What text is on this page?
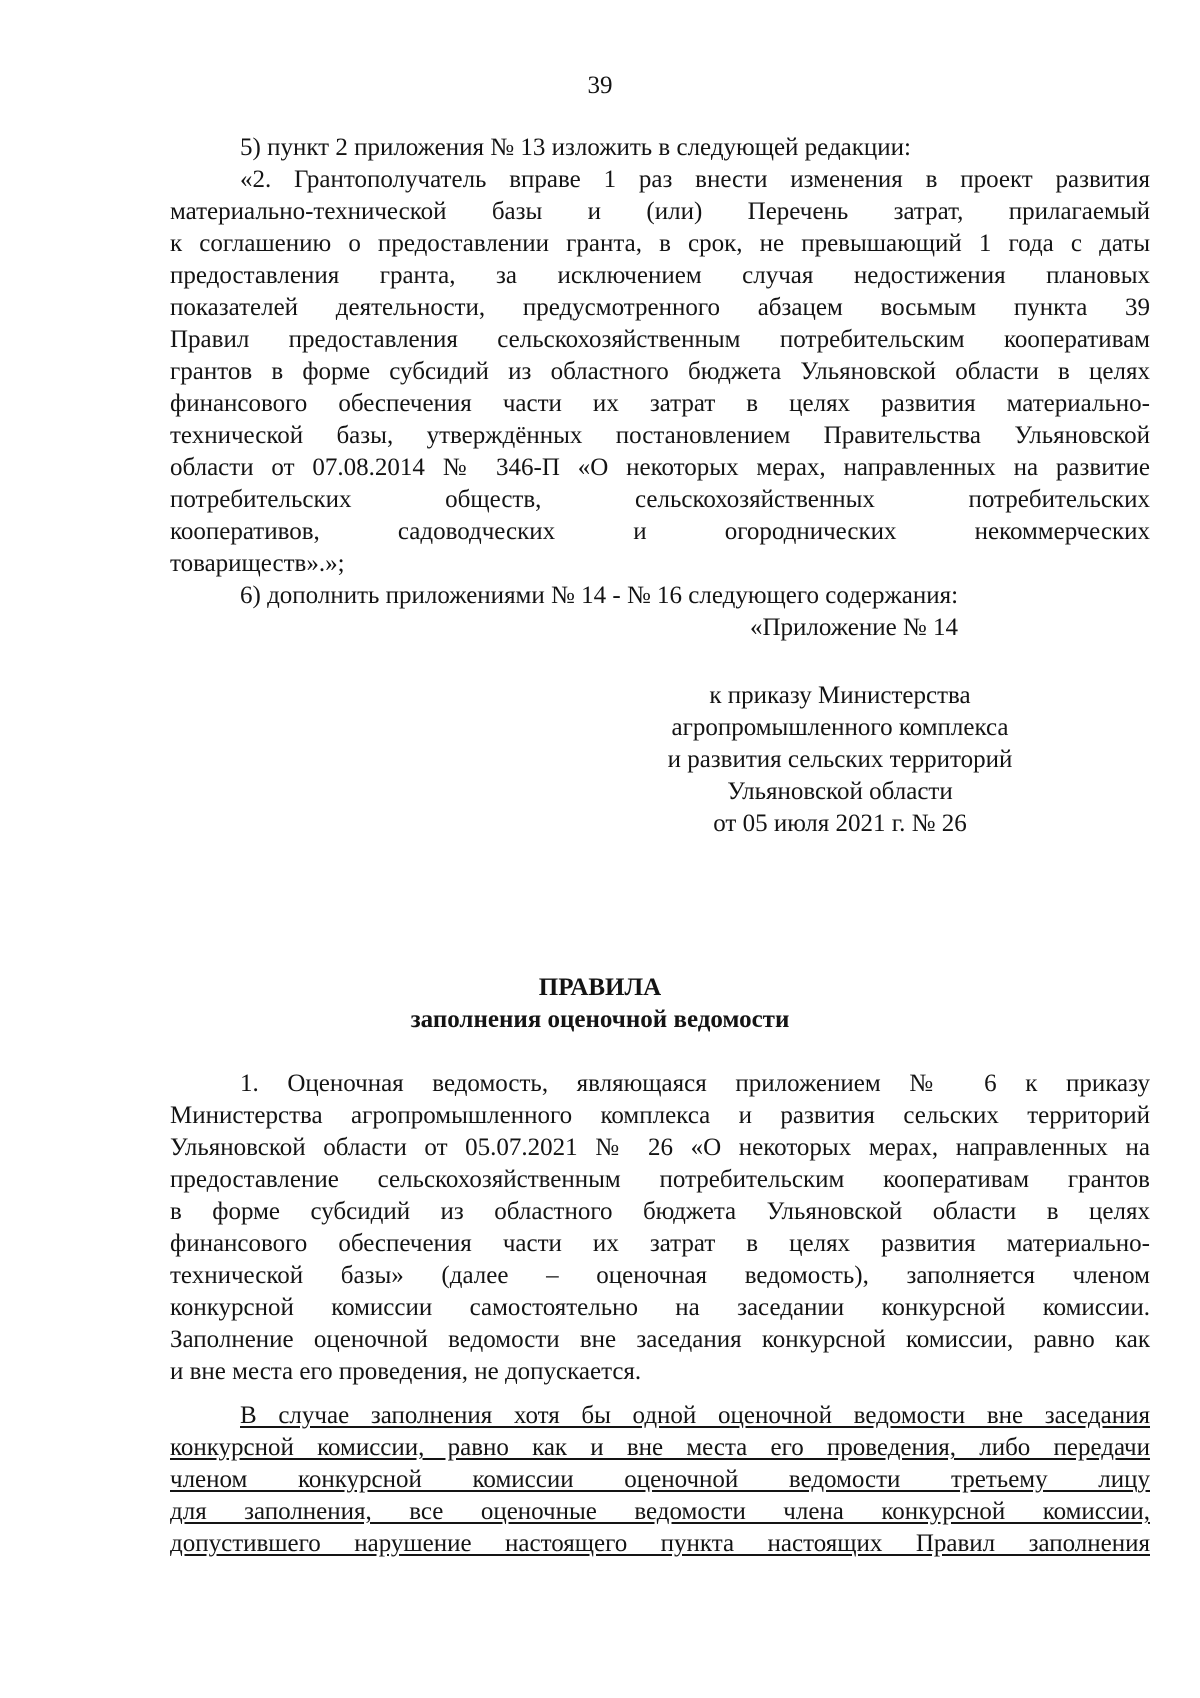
39
5) пункт 2 приложения № 13 изложить в следующей редакции:
«2. Грантополучатель вправе 1 раз внести изменения в проект развития
материально-технической базы и (или) Перечень затрат, прилагаемый
к соглашению о предоставлении гранта, в срок, не превышающий 1 года с даты
предоставления гранта, за исключением случая недостижения плановых
показателей деятельности, предусмотренного абзацем восьмым пункта 39
Правил предоставления сельскохозяйственным потребительским кооперативам
грантов в форме субсидий из областного бюджета Ульяновской области в целях
финансового обеспечения части их затрат в целях развития материально-
технической базы, утверждённых постановлением Правительства Ульяновской
области от 07.08.2014 № 346-П «О некоторых мерах, направленных на развитие
потребительских обществ, сельскохозяйственных потребительских
кооперативов, садоводческих и огороднических некоммерческих
товариществ».»;
6) дополнить приложениями № 14 - № 16 следующего содержания:
«Приложение № 14
к приказу Министерства
агропромышленного комплекса
и развития сельских территорий
Ульяновской области
от 05 июля 2021 г. № 26
ПРАВИЛА
заполнения оценочной ведомости
1. Оценочная ведомость, являющаяся приложением № 6 к приказу
Министерства агропромышленного комплекса и развития сельских территорий
Ульяновской области от 05.07.2021 № 26 «О некоторых мерах, направленных на
предоставление сельскохозяйственным потребительским кооперативам грантов
в форме субсидий из областного бюджета Ульяновской области в целях
финансового обеспечения части их затрат в целях развития материально-
технической базы» (далее – оценочная ведомость), заполняется членом
конкурсной комиссии самостоятельно на заседании конкурсной комиссии.
Заполнение оценочной ведомости вне заседания конкурсной комиссии, равно как
и вне места его проведения, не допускается.
В случае заполнения хотя бы одной оценочной ведомости вне заседания
конкурсной комиссии, равно как и вне места его проведения, либо передачи
членом конкурсной комиссии оценочной ведомости третьему лицу
для заполнения, все оценочные ведомости члена конкурсной комиссии,
допустившего нарушение настоящего пункта настоящих Правил заполнения
